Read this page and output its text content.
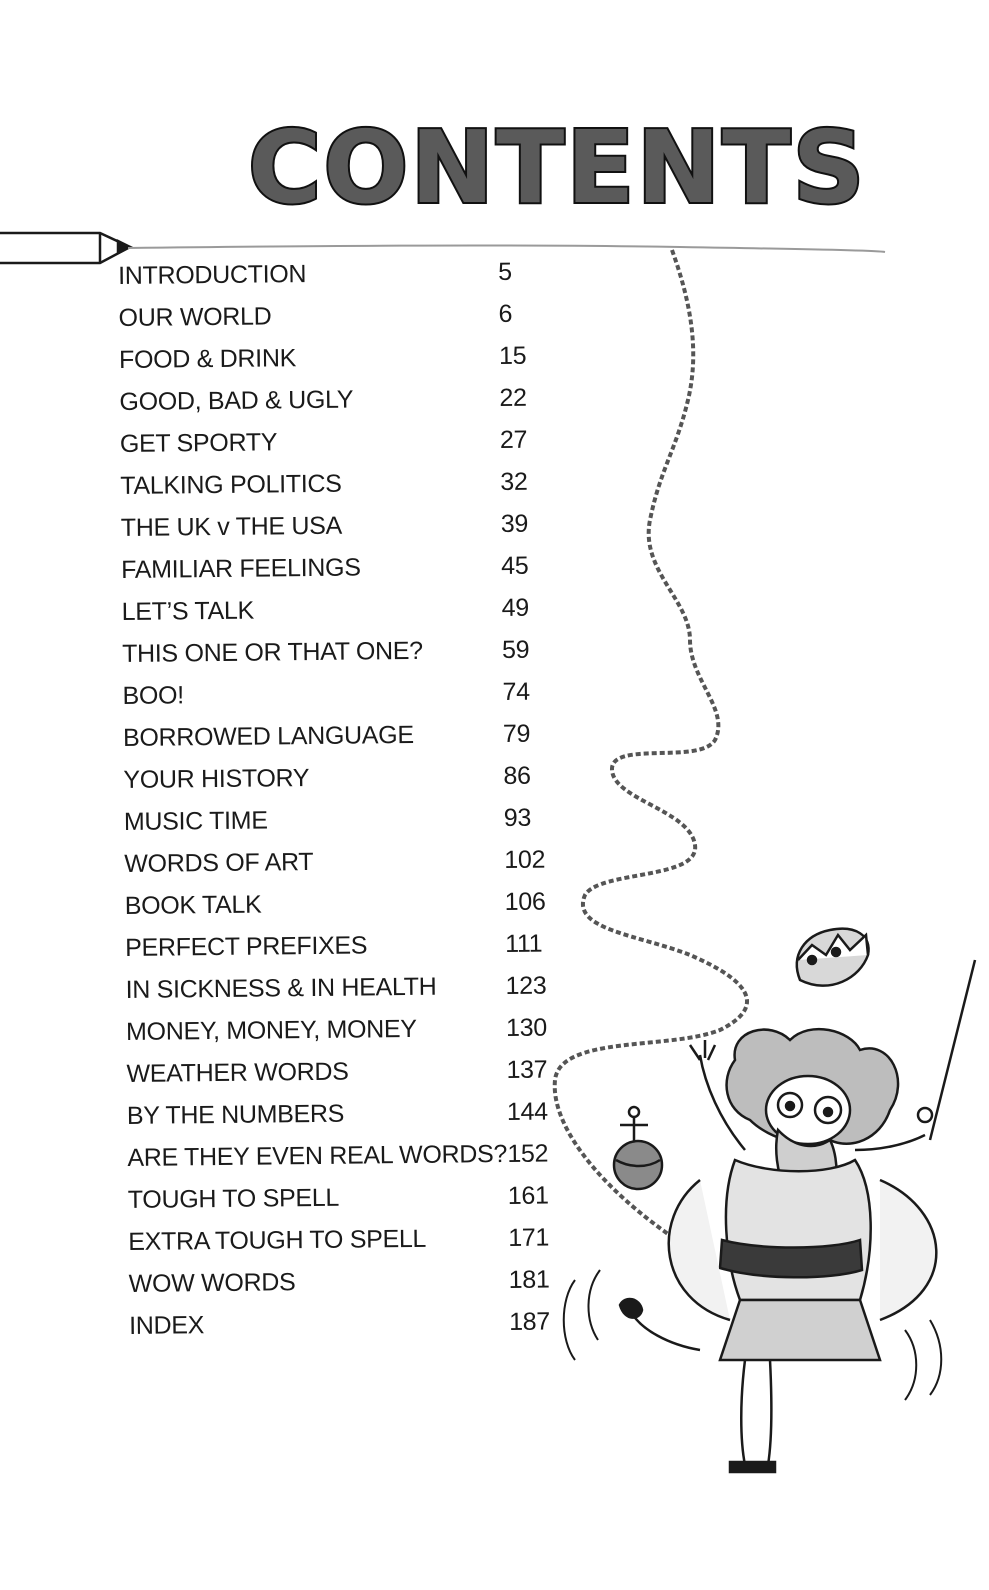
CONTENTS
INTRODUCTION	5
OUR WORLD	6
FOOD & DRINK	15
GOOD, BAD & UGLY	22
GET SPORTY	27
TALKING POLITICS	32
THE UK v THE USA	39
FAMILIAR FEELINGS	45
LET’S TALK	49
THIS ONE OR THAT ONE?	59
BOO!	74
BORROWED LANGUAGE	79
YOUR HISTORY	86
MUSIC TIME	93
WORDS OF ART	102
BOOK TALK	106
PERFECT PREFIXES	111
IN SICKNESS & IN HEALTH	123
MONEY, MONEY, MONEY	130
WEATHER WORDS	137
BY THE NUMBERS	144
ARE THEY EVEN REAL WORDS? 152
TOUGH TO SPELL	161
EXTRA TOUGH TO SPELL	171
WOW WORDS	181
INDEX	187
